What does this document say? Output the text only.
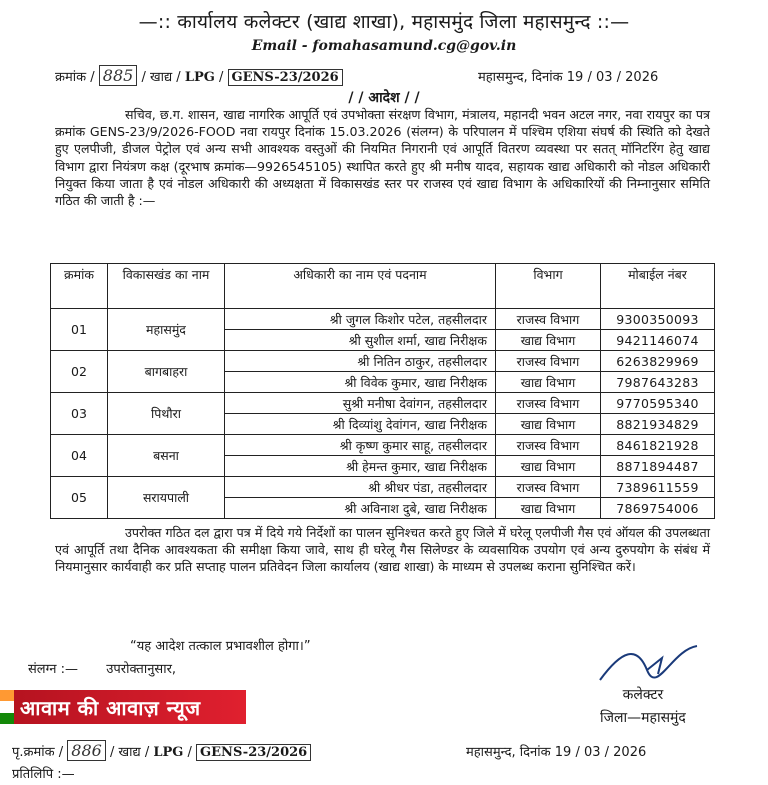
—:: कार्यालय कलेक्टर (खाद्य शाखा), महासमुंद जिला महासमुन्द ::—
Email - fomahasamund.cg@gov.in
क्रमांक / 885 / खाद्य / LPG / GENS-23/2026	महासमुन्द, दिनांक 19 / 03 / 2026
/ / आदेश / /
सचिव, छ.ग. शासन, खाद्य नागरिक आपूर्ति एवं उपभोक्ता संरक्षण विभाग, मंत्रालय, महानदी भवन अटल नगर, नवा रायपुर का पत्र क्रमांक GENS-23/9/2026-FOOD नवा रायपुर दिनांक 15.03.2026 (संलग्न) के परिपालन में पश्चिम एशिया संघर्ष की स्थिति को देखते हुए एलपीजी, डीजल पेट्रोल एवं अन्य सभी आवश्यक वस्तुओं की नियमित निगरानी एवं आपूर्ति वितरण व्यवस्था पर सतत् मॉनिटरिंग हेतु खाद्य विभाग द्वारा नियंत्रण कक्ष (दूरभाष क्रमांक—9926545105) स्थापित करते हुए श्री मनीष यादव, सहायक खाद्य अधिकारी को नोडल अधिकारी नियुक्त किया जाता है एवं नोडल अधिकारी की अध्यक्षता में विकासखंड स्तर पर राजस्व एवं खाद्य विभाग के अधिकारियों की निम्नानुसार समिति गठित की जाती है :—
क्रमांक	विकासखंड का नाम	अधिकारी का नाम एवं पदनाम	विभाग	मोबाईल नंबर
01	महासमुंद	श्री जुगल किशोर पटेल, तहसीलदार	राजस्व विभाग	9300350093
		श्री सुशील शर्मा, खाद्य निरीक्षक	खाद्य विभाग	9421146074
02	बागबाहरा	श्री नितिन ठाकुर, तहसीलदार	राजस्व विभाग	6263829969
		श्री विवेक कुमार, खाद्य निरीक्षक	खाद्य विभाग	7987643283
03	पिथौरा	सुश्री मनीषा देवांगन, तहसीलदार	राजस्व विभाग	9770595340
		श्री दिव्यांशु देवांगन, खाद्य निरीक्षक	खाद्य विभाग	8821934829
04	बसना	श्री कृष्ण कुमार साहू, तहसीलदार	राजस्व विभाग	8461821928
		श्री हेमन्त कुमार, खाद्य निरीक्षक	खाद्य विभाग	8871894487
05	सरायपाली	श्री श्रीधर पंडा, तहसीलदार	राजस्व विभाग	7389611559
		श्री अविनाश दुबे, खाद्य निरीक्षक	खाद्य विभाग	7869754006
उपरोक्त गठित दल द्वारा पत्र में दिये गये निर्देशों का पालन सुनिश्चत करते हुए जिले में घरेलू एलपीजी गैस एवं ऑयल की उपलब्धता एवं आपूर्ति तथा दैनिक आवश्यकता की समीक्षा किया जावे, साथ ही घरेलू गैस सिलेण्डर के व्यवसायिक उपयोग एवं अन्य दुरुपयोग के संबंध में नियमानुसार कार्यवाही कर प्रति सप्ताह पालन प्रतिवेदन जिला कार्यालय (खाद्य शाखा) के माध्यम से उपलब्ध कराना सुनिश्चित करें।
“यह आदेश तत्काल प्रभावशील होगा।”
संलग्न :— उपरोक्तानुसार,
कलेक्टर
जिला—महासमुंद
आवाम की आवाज़ न्यूज
पृ.क्रमांक / 886 / खाद्य / LPG / GENS-23/2026	महासमुन्द, दिनांक 19 / 03 / 2026
प्रतिलिपि :—
